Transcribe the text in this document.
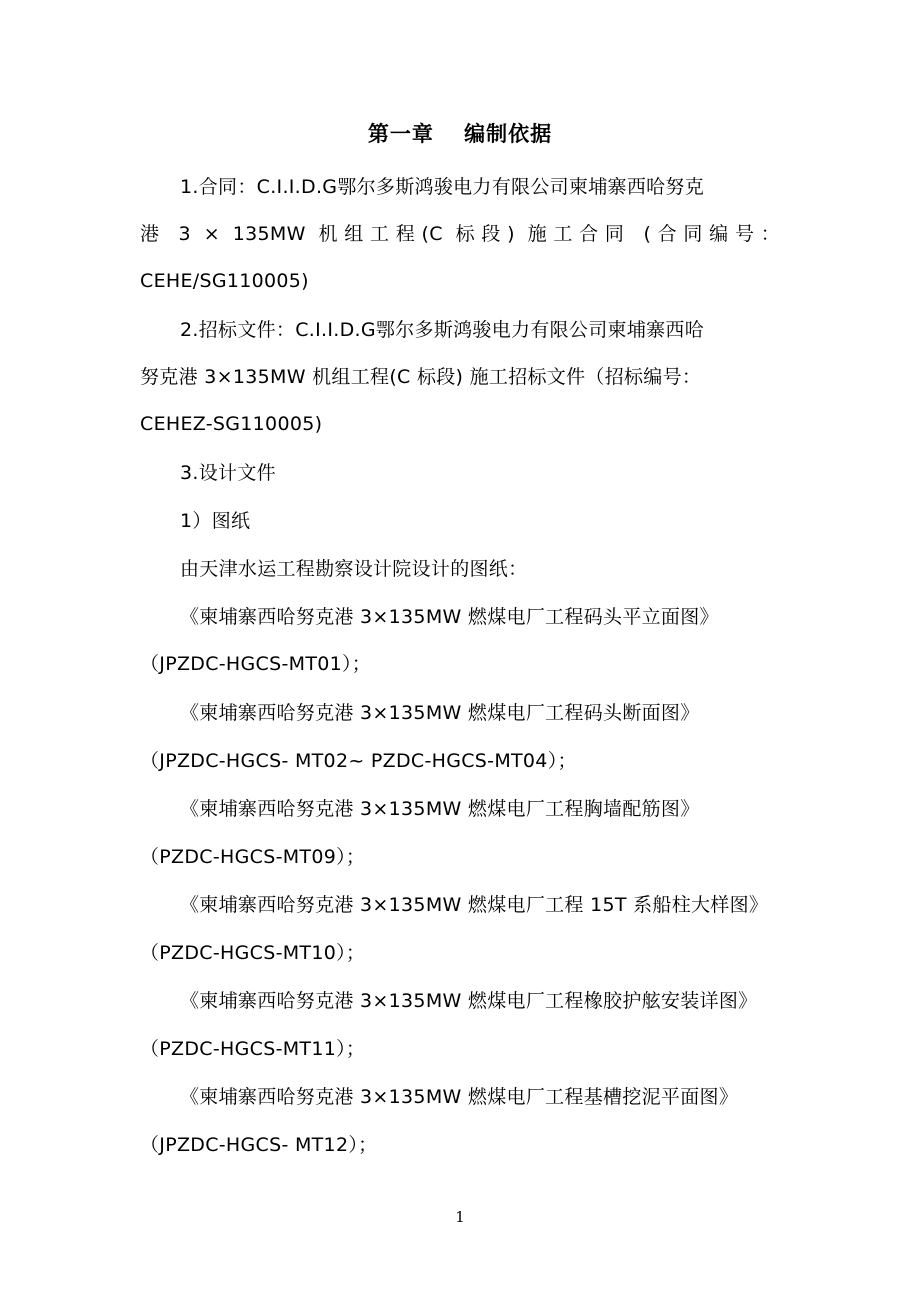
第一章　 编制依据
1.合同：C.I.I.D.G鄂尔多斯鸿骏电力有限公司柬埔寨西哈努克
港 3 × 135MW 机组工程(C 标段) 施工合同 (合同编号：
CEHE/SG110005)
2.招标文件：C.I.I.D.G鄂尔多斯鸿骏电力有限公司柬埔寨西哈
努克港 3×135MW 机组工程(C 标段) 施工招标文件（招标编号：
CEHEZ-SG110005)
3.设计文件
1）图纸
由天津水运工程勘察设计院设计的图纸：
《柬埔寨西哈努克港 3×135MW 燃煤电厂工程码头平立面图》
（JPZDC-HGCS-MT01）；
《柬埔寨西哈努克港 3×135MW 燃煤电厂工程码头断面图》
（JPZDC-HGCS- MT02~ PZDC-HGCS-MT04）；
《柬埔寨西哈努克港 3×135MW 燃煤电厂工程胸墙配筋图》
（PZDC-HGCS-MT09）；
《柬埔寨西哈努克港 3×135MW 燃煤电厂工程 15T 系船柱大样图》
（PZDC-HGCS-MT10）；
《柬埔寨西哈努克港 3×135MW 燃煤电厂工程橡胶护舷安装详图》
（PZDC-HGCS-MT11）；
《柬埔寨西哈努克港 3×135MW 燃煤电厂工程基槽挖泥平面图》
（JPZDC-HGCS- MT12）；
1
